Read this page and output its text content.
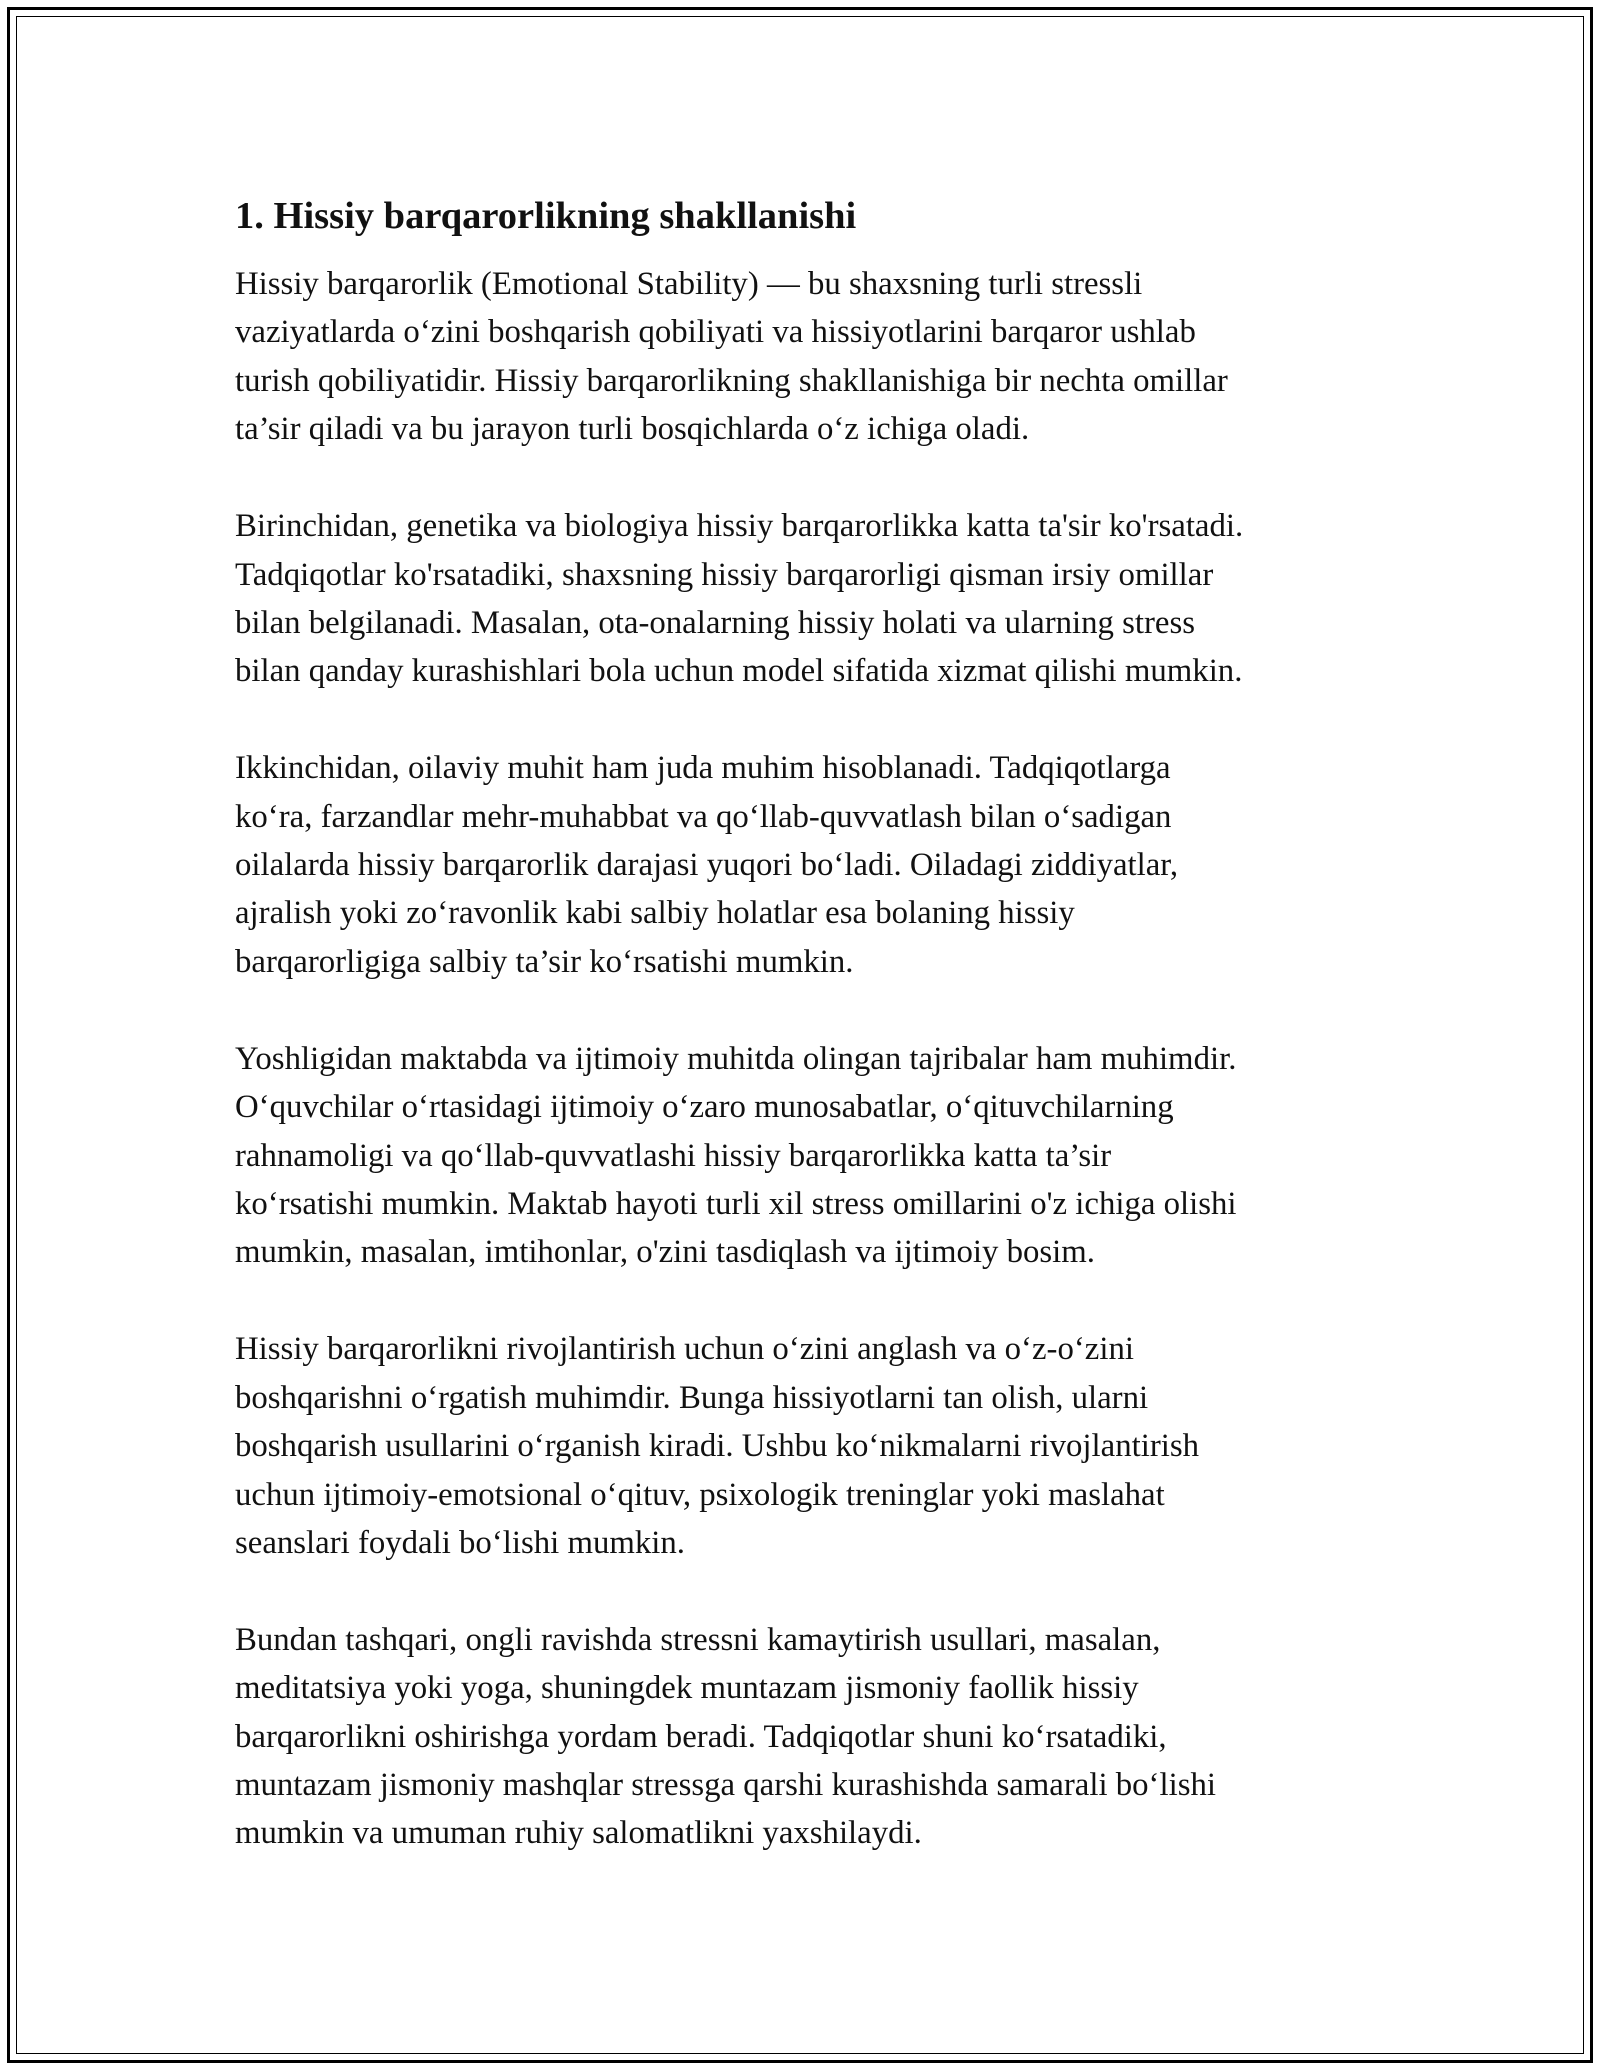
1. Hissiy barqarorlikning shakllanishi

Hissiy barqarorlik (Emotional Stability) — bu shaxsning turli stressli
vaziyatlarda o‘zini boshqarish qobiliyati va hissiyotlarini barqaror ushlab
turish qobiliyatidir. Hissiy barqarorlikning shakllanishiga bir nechta omillar
ta’sir qiladi va bu jarayon turli bosqichlarda o‘z ichiga oladi.

Birinchidan, genetika va biologiya hissiy barqarorlikka katta ta'sir ko'rsatadi.
Tadqiqotlar ko'rsatadiki, shaxsning hissiy barqarorligi qisman irsiy omillar
bilan belgilanadi. Masalan, ota-onalarning hissiy holati va ularning stress
bilan qanday kurashishlari bola uchun model sifatida xizmat qilishi mumkin.

Ikkinchidan, oilaviy muhit ham juda muhim hisoblanadi. Tadqiqotlarga
ko‘ra, farzandlar mehr-muhabbat va qo‘llab-quvvatlash bilan o‘sadigan
oilalarda hissiy barqarorlik darajasi yuqori bo‘ladi. Oiladagi ziddiyatlar,
ajralish yoki zo‘ravonlik kabi salbiy holatlar esa bolaning hissiy
barqarorligiga salbiy ta’sir ko‘rsatishi mumkin.

Yoshligidan maktabda va ijtimoiy muhitda olingan tajribalar ham muhimdir.
O‘quvchilar o‘rtasidagi ijtimoiy o‘zaro munosabatlar, o‘qituvchilarning
rahnamoligi va qo‘llab-quvvatlashi hissiy barqarorlikka katta ta’sir
ko‘rsatishi mumkin. Maktab hayoti turli xil stress omillarini o'z ichiga olishi
mumkin, masalan, imtihonlar, o'zini tasdiqlash va ijtimoiy bosim.

Hissiy barqarorlikni rivojlantirish uchun o‘zini anglash va o‘z-o‘zini
boshqarishni o‘rgatish muhimdir. Bunga hissiyotlarni tan olish, ularni
boshqarish usullarini o‘rganish kiradi. Ushbu ko‘nikmalarni rivojlantirish
uchun ijtimoiy-emotsional o‘qituv, psixologik treninglar yoki maslahat
seanslari foydali bo‘lishi mumkin.

Bundan tashqari, ongli ravishda stressni kamaytirish usullari, masalan,
meditatsiya yoki yoga, shuningdek muntazam jismoniy faollik hissiy
barqarorlikni oshirishga yordam beradi. Tadqiqotlar shuni ko‘rsatadiki,
muntazam jismoniy mashqlar stressga qarshi kurashishda samarali bo‘lishi
mumkin va umuman ruhiy salomatlikni yaxshilaydi.
